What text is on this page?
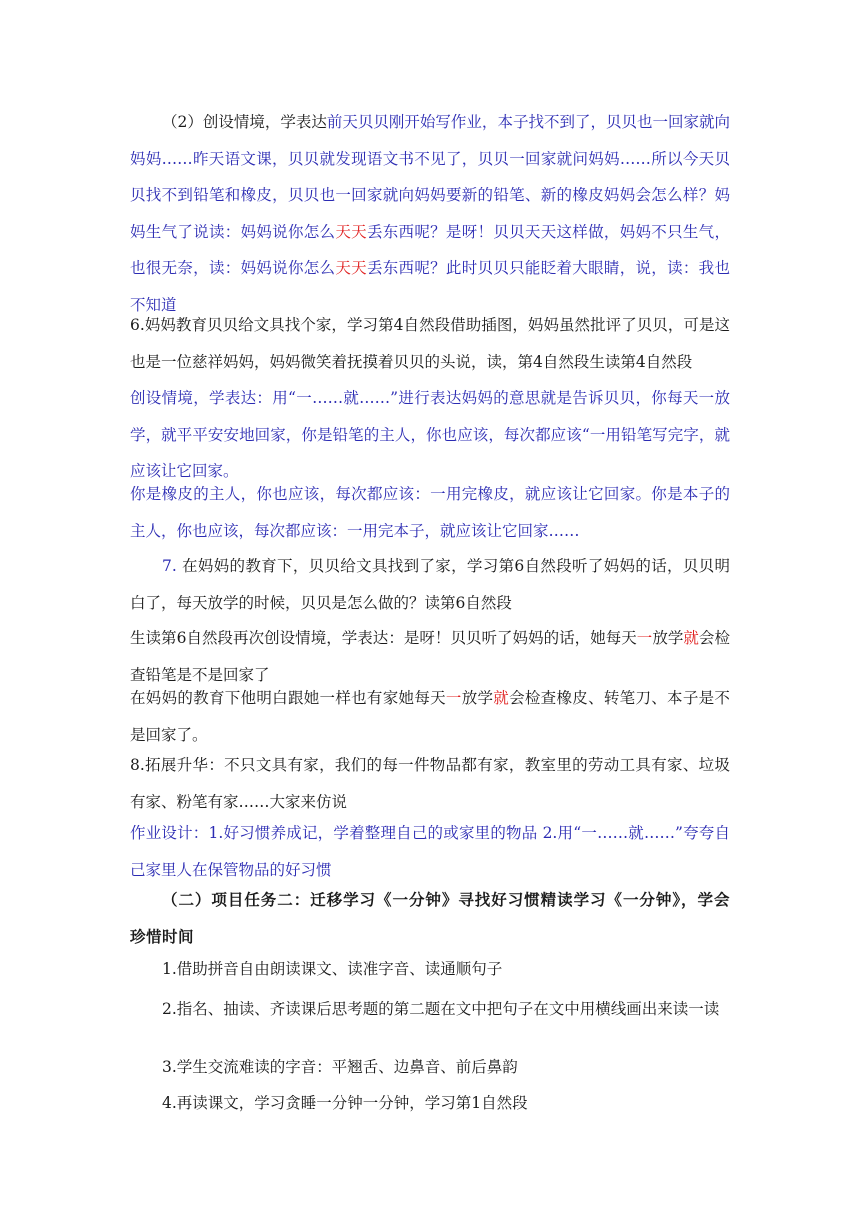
（2）创设情境，学表达前天贝贝刚开始写作业，本子找不到了，贝贝也一回家就向妈妈……昨天语文课，贝贝就发现语文书不见了，贝贝一回家就问妈妈……所以今天贝贝找不到铅笔和橡皮，贝贝也一回家就向妈妈要新的铅笔、新的橡皮妈妈会怎么样？妈妈生气了说读：妈妈说你怎么天天丢东西呢？是呀！贝贝天天这样做，妈妈不只生气，也很无奈，读：妈妈说你怎么天天丢东西呢？此时贝贝只能眨着大眼睛，说，读：我也不知道

6.妈妈教育贝贝给文具找个家，学习第4自然段借助插图，妈妈虽然批评了贝贝，可是这也是一位慈祥妈妈，妈妈微笑着抚摸着贝贝的头说，读，第4自然段生读第4自然段

创设情境，学表达：用“一……就……”进行表达妈妈的意思就是告诉贝贝，你每天一放学，就平平安安地回家，你是铅笔的主人，你也应该，每次都应该“一用铅笔写完字，就应该让它回家。

你是橡皮的主人，你也应该，每次都应该：一用完橡皮，就应该让它回家。你是本子的主人，你也应该，每次都应该：一用完本子，就应该让它回家……

7. 在妈妈的教育下，贝贝给文具找到了家，学习第6自然段听了妈妈的话，贝贝明白了，每天放学的时候，贝贝是怎么做的？读第6自然段

生读第6自然段再次创设情境，学表达：是呀！贝贝听了妈妈的话，她每天一放学就会检查铅笔是不是回家了

在妈妈的教育下他明白跟她一样也有家她每天一放学就会检查橡皮、转笔刀、本子是不是回家了。

8.拓展升华：不只文具有家，我们的每一件物品都有家，教室里的劳动工具有家、垃圾有家、粉笔有家……大家来仿说

作业设计：1.好习惯养成记，学着整理自己的或家里的物品 2.用“一……就……”夸夸自己家里人在保管物品的好习惯

（二）项目任务二：迁移学习《一分钟》寻找好习惯精读学习《一分钟》，学会珍惜时间

1.借助拼音自由朗读课文、读准字音、读通顺句子

2.指名、抽读、齐读课后思考题的第二题在文中把句子在文中用横线画出来读一读

3.学生交流难读的字音：平翘舌、边鼻音、前后鼻韵

4.再读课文，学习贪睡一分钟一分钟，学习第1自然段
